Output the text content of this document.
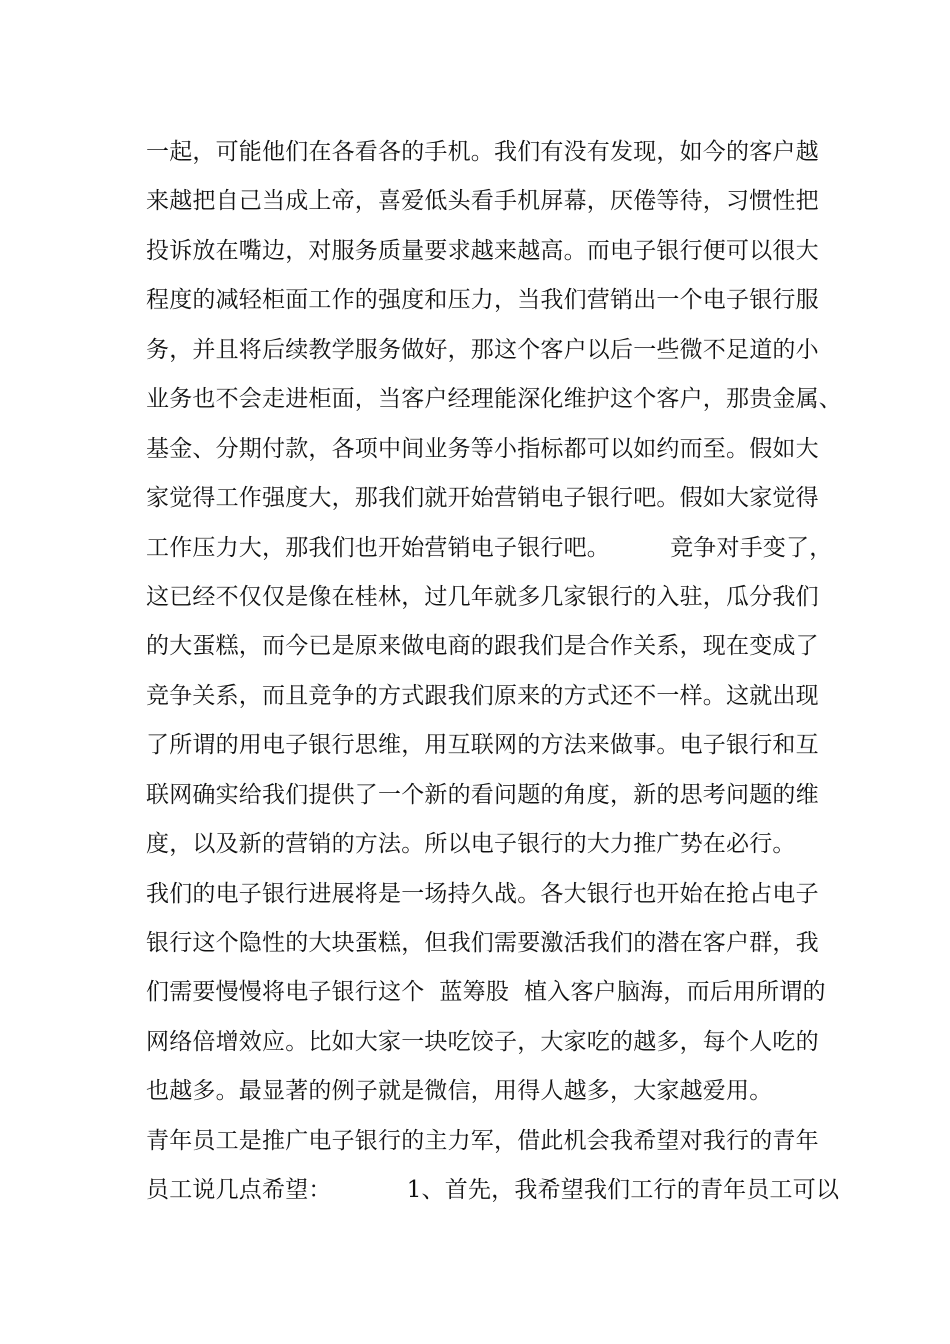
一起，可能他们在各看各的手机。我们有没有发现，如今的客户越
来越把自己当成上帝，喜爱低头看手机屏幕，厌倦等待，习惯性把
投诉放在嘴边，对服务质量要求越来越高。而电子银行便可以很大
程度的减轻柜面工作的强度和压力，当我们营销出一个电子银行服
务，并且将后续教学服务做好，那这个客户以后一些微不足道的小
业务也不会走进柜面，当客户经理能深化维护这个客户，那贵金属、
基金、分期付款，各项中间业务等小指标都可以如约而至。假如大
家觉得工作强度大，那我们就开始营销电子银行吧。假如大家觉得
工作压力大，那我们也开始营销电子银行吧。        竞争对手变了，
这已经不仅仅是像在桂林，过几年就多几家银行的入驻，瓜分我们
的大蛋糕，而今已是原来做电商的跟我们是合作关系，现在变成了
竞争关系，而且竞争的方式跟我们原来的方式还不一样。这就出现
了所谓的用电子银行思维，用互联网的方法来做事。电子银行和互
联网确实给我们提供了一个新的看问题的角度，新的思考问题的维
度，以及新的营销的方法。所以电子银行的大力推广势在必行。
我们的电子银行进展将是一场持久战。各大银行也开始在抢占电子
银行这个隐性的大块蛋糕，但我们需要激活我们的潜在客户群，我
们需要慢慢将电子银行这个  蓝筹股  植入客户脑海，而后用所谓的
网络倍增效应。比如大家一块吃饺子，大家吃的越多，每个人吃的
也越多。最显著的例子就是微信，用得人越多，大家越爱用。
青年员工是推广电子银行的主力军，借此机会我希望对我行的青年
员工说几点希望：          1、首先，我希望我们工行的青年员工可以
